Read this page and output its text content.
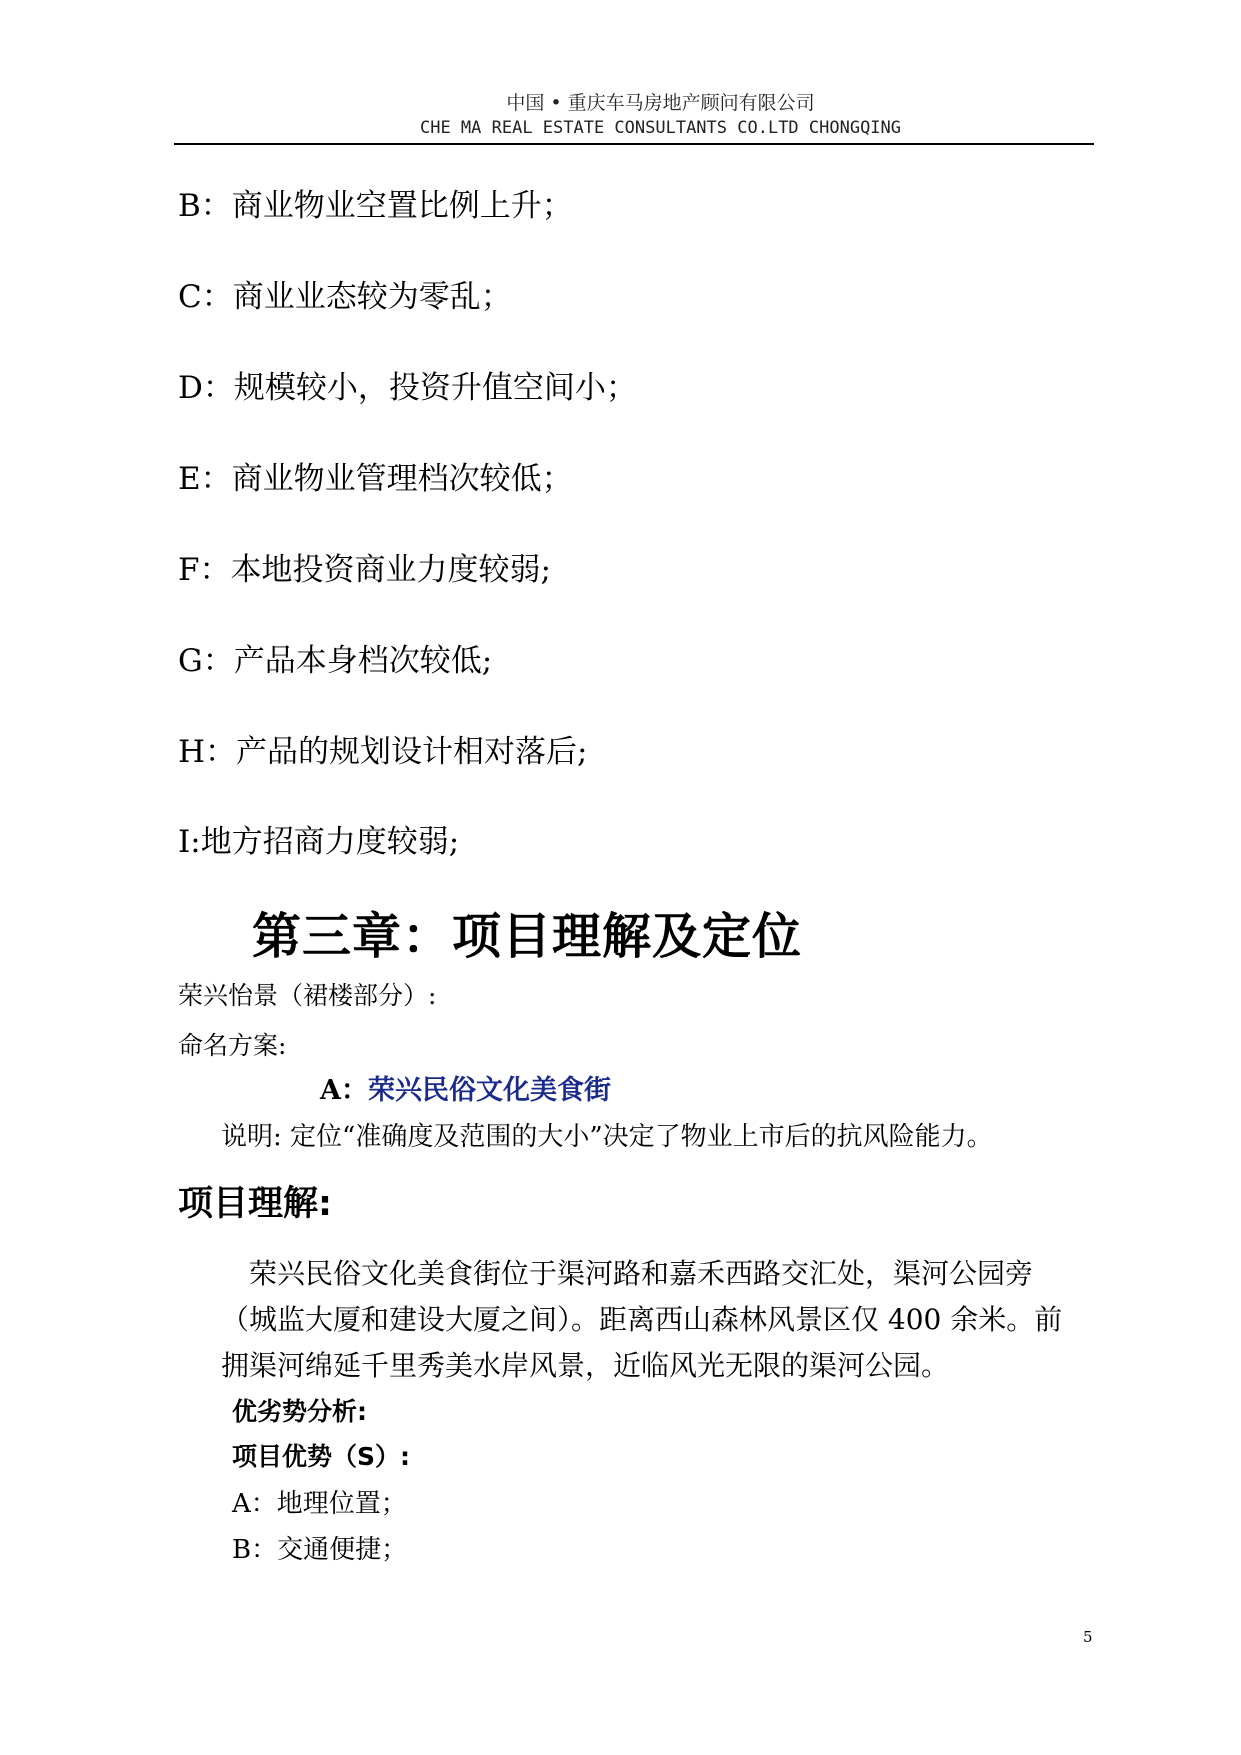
中国 • 重庆车马房地产顾问有限公司
CHE MA REAL ESTATE CONSULTANTS CO.LTD CHONGQING
B：商业物业空置比例上升；
C：商业业态较为零乱；
D：规模较小，投资升值空间小；
E：商业物业管理档次较低；
F：本地投资商业力度较弱;
G：产品本身档次较低;
H：产品的规划设计相对落后;
I:地方招商力度较弱;
第三章：项目理解及定位
荣兴怡景（裙楼部分）:
命名方案:
A：荣兴民俗文化美食街
说明: 定位“准确度及范围的大小”决定了物业上市后的抗风险能力。
项目理解:
　荣兴民俗文化美食街位于渠河路和嘉禾西路交汇处，渠河公园旁
（城监大厦和建设大厦之间）。距离西山森林风景区仅 400 余米。前
拥渠河绵延千里秀美水岸风景，近临风光无限的渠河公园。
优劣势分析:
项目优势（S）:
A：地理位置；
B：交通便捷；
5
